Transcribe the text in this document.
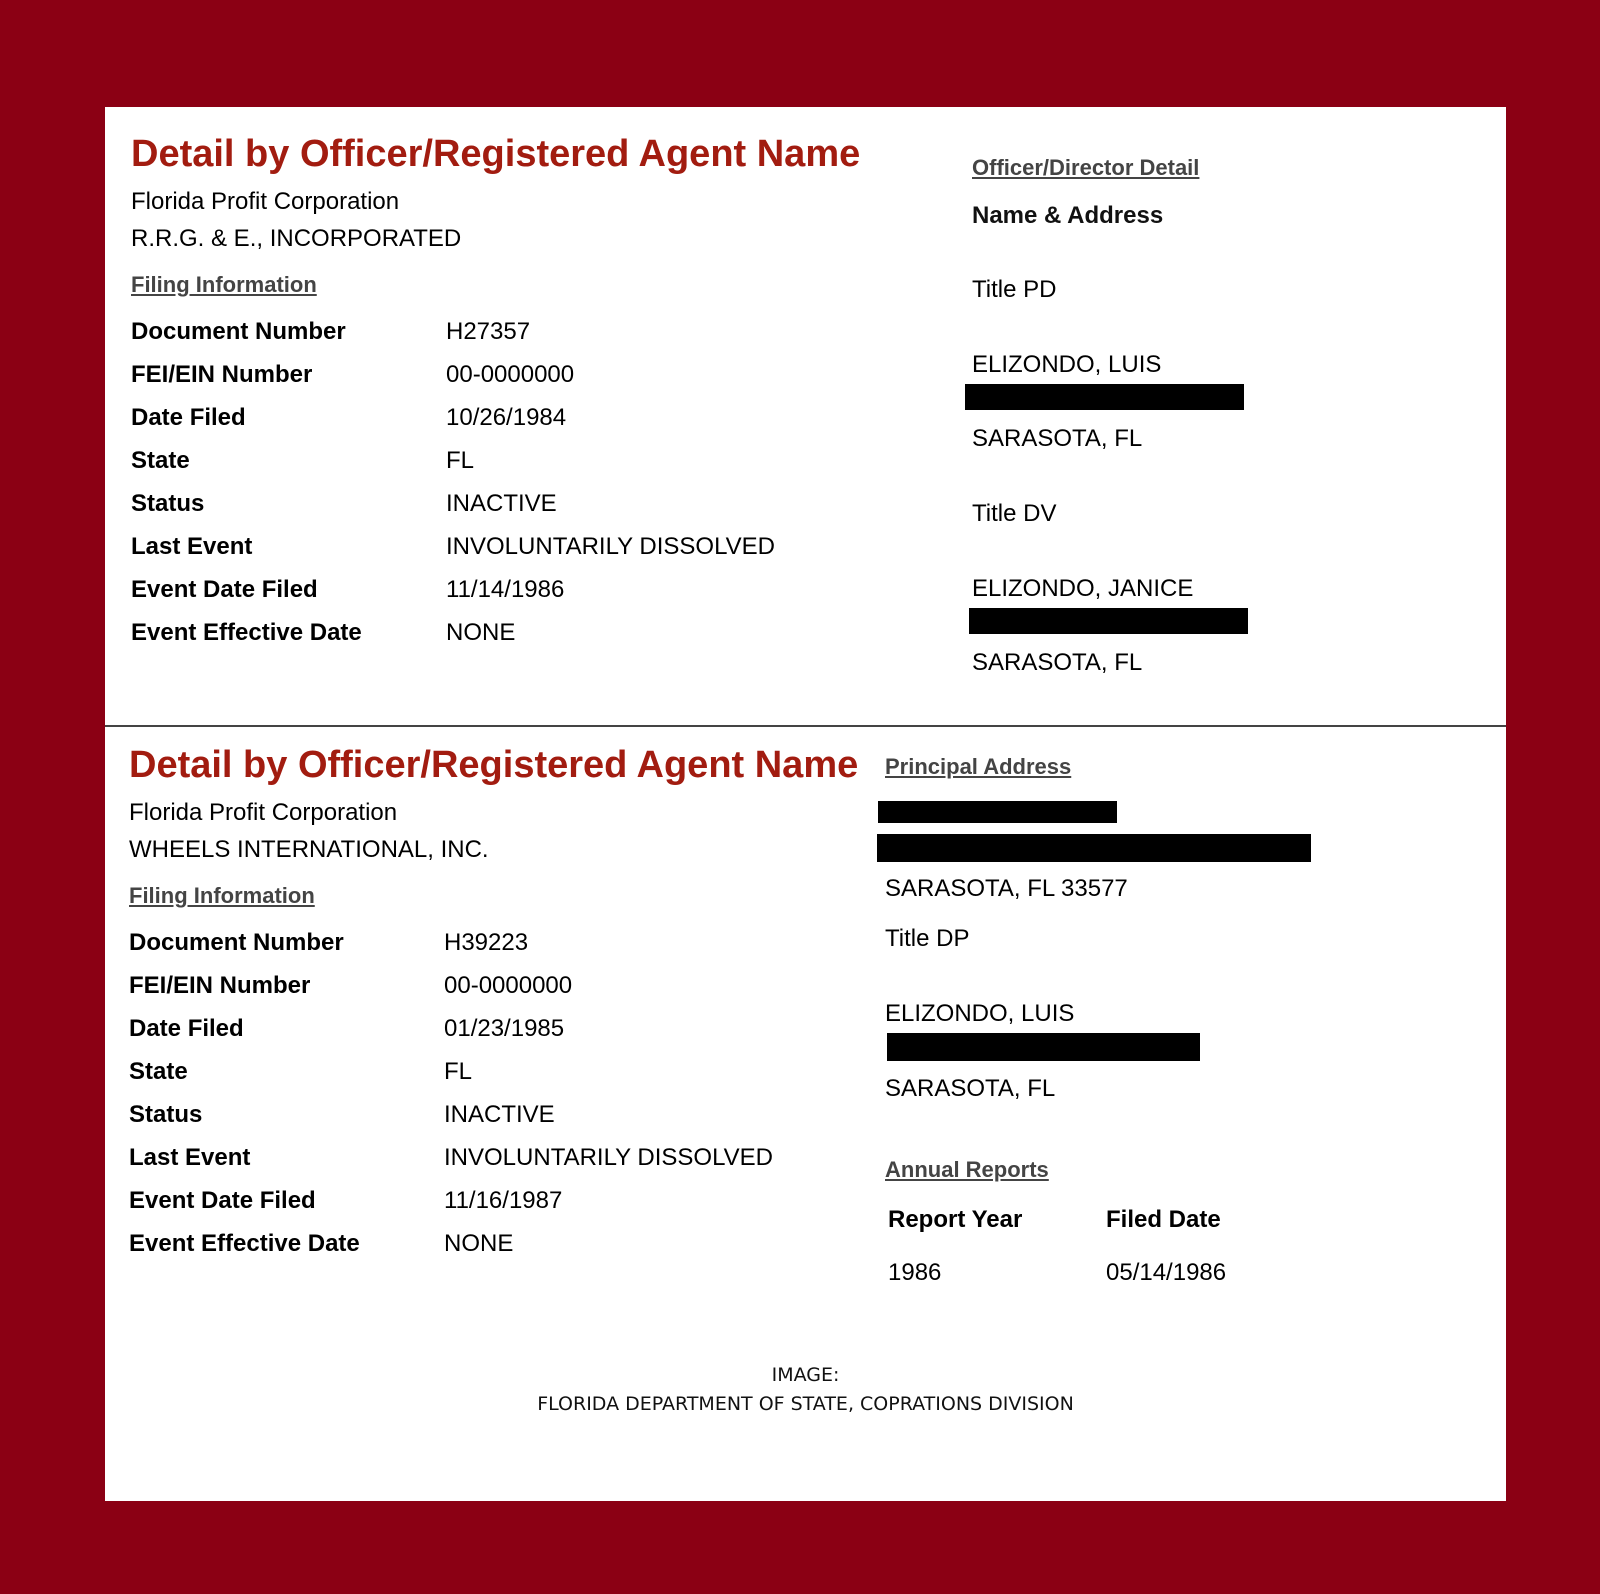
Detail by Officer/Registered Agent Name
Florida Profit Corporation
R.R.G. & E., INCORPORATED
Filing Information
Document Number	H27357
FEI/EIN Number	00-0000000
Date Filed	10/26/1984
State	FL
Status	INACTIVE
Last Event	INVOLUNTARILY DISSOLVED
Event Date Filed	11/14/1986
Event Effective Date	NONE
Officer/Director Detail
Name & Address
Title PD
ELIZONDO, LUIS
SARASOTA, FL
Title DV
ELIZONDO, JANICE
SARASOTA, FL
Detail by Officer/Registered Agent Name
Florida Profit Corporation
WHEELS INTERNATIONAL, INC.
Filing Information
Document Number	H39223
FEI/EIN Number	00-0000000
Date Filed	01/23/1985
State	FL
Status	INACTIVE
Last Event	INVOLUNTARILY DISSOLVED
Event Date Filed	11/16/1987
Event Effective Date	NONE
Principal Address
SARASOTA, FL 33577
Title DP
ELIZONDO, LUIS
SARASOTA, FL
Annual Reports
Report Year	Filed Date
1986	05/14/1986
IMAGE:
FLORIDA DEPARTMENT OF STATE, COPRATIONS DIVISION
